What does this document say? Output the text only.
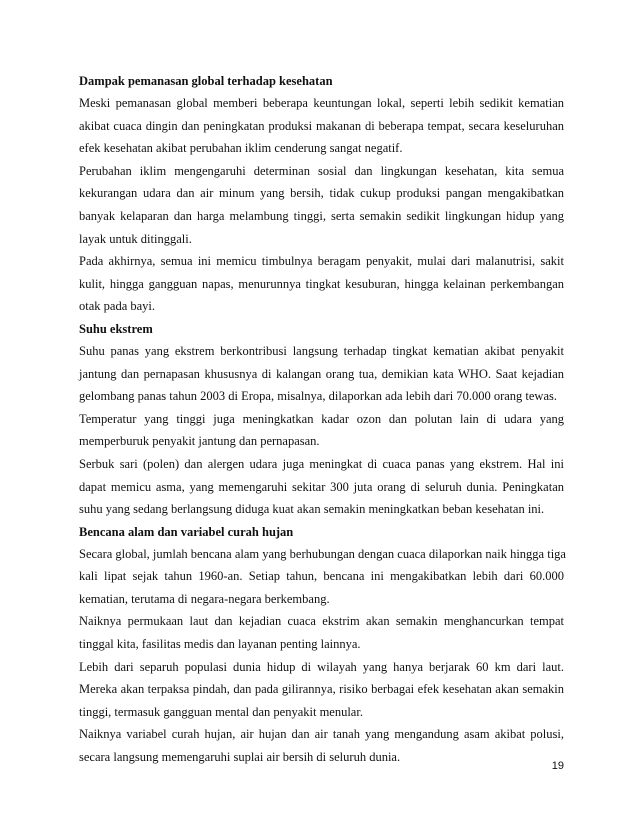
Dampak pemanasan global terhadap kesehatan
Meski pemanasan global memberi beberapa keuntungan lokal, seperti lebih sedikit kematian
akibat cuaca dingin dan peningkatan produksi makanan di beberapa tempat, secara keseluruhan
efek kesehatan akibat perubahan iklim cenderung sangat negatif.
Perubahan iklim mengengaruhi determinan sosial dan lingkungan kesehatan, kita semua
kekurangan udara dan air minum yang bersih, tidak cukup produksi pangan mengakibatkan
banyak kelaparan dan harga melambung tinggi, serta semakin sedikit lingkungan hidup yang
layak untuk ditinggali.
Pada akhirnya, semua ini memicu timbulnya beragam penyakit, mulai dari malanutrisi, sakit
kulit, hingga gangguan napas, menurunnya tingkat kesuburan, hingga kelainan perkembangan
otak pada bayi.
Suhu ekstrem
Suhu panas yang ekstrem berkontribusi langsung terhadap tingkat kematian akibat penyakit
jantung dan pernapasan khususnya di kalangan orang tua, demikian kata WHO. Saat kejadian
gelombang panas tahun 2003 di Eropa, misalnya, dilaporkan ada lebih dari 70.000 orang tewas.
Temperatur yang tinggi juga meningkatkan kadar ozon dan polutan lain di udara yang
memperburuk penyakit jantung dan pernapasan.
Serbuk sari (polen) dan alergen udara juga meningkat di cuaca panas yang ekstrem. Hal ini
dapat memicu asma, yang memengaruhi sekitar 300 juta orang di seluruh dunia. Peningkatan
suhu yang sedang berlangsung diduga kuat akan semakin meningkatkan beban kesehatan ini.
Bencana alam dan variabel curah hujan
Secara global, jumlah bencana alam yang berhubungan dengan cuaca dilaporkan naik hingga tiga
kali lipat sejak tahun 1960-an. Setiap tahun, bencana ini mengakibatkan lebih dari 60.000
kematian, terutama di negara-negara berkembang.
Naiknya permukaan laut dan kejadian cuaca ekstrim akan semakin menghancurkan tempat
tinggal kita, fasilitas medis dan layanan penting lainnya.
Lebih dari separuh populasi dunia hidup di wilayah yang hanya berjarak 60 km dari laut.
Mereka akan terpaksa pindah, dan pada gilirannya, risiko berbagai efek kesehatan akan semakin
tinggi, termasuk gangguan mental dan penyakit menular.
Naiknya variabel curah hujan, air hujan dan air tanah yang mengandung asam akibat polusi,
secara langsung memengaruhi suplai air bersih di seluruh dunia.
19
